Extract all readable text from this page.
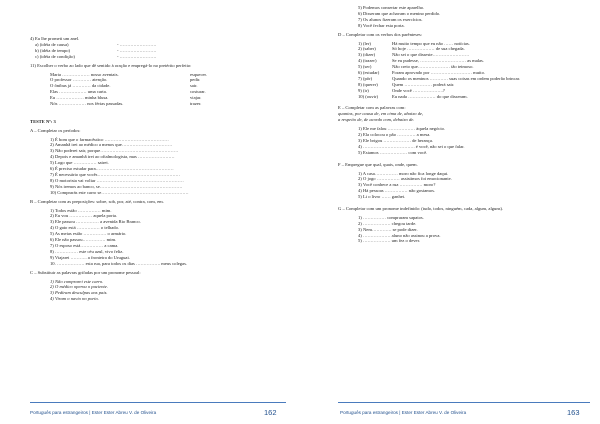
4) Eu lhe prometi um anel.
a) (idéia de causa)	- ……………………
b) (idéia de tempo)	- ……………………
c) (idéia de condição)	- ……………………
11) Escolher o verbo ao lado que dê sentido à oração e empregá-lo no pretérito perfeito:
Maria ……………… nosso aventais.	esquecer.
O professor ………… atenção.	pedir.
O ônibus já ………… da cidade.	sair.
Elas ……………… uma carta.	costurar.
Eu ……………… minha blusa.	viajar.
Nós ……………… nos férias passadas.	trazer.
TESTE Nº: 3
A – Completar os períodos:
1) É bom que o farmacêutico ……………………………………
2) Amanhã irei ao médico a menos que……………………………
3) Não poderei sair, porque……………………………………………
4) Depois e amanhã irei ao oftalmologista, mas ……………………
5) Logo que …………… sairei.
6) É preciso estudar para……………………………………………
7) É necessário que vocês………………………………………………
8) O motorista vai voltar …………………………………………………
9) Nós iremos ao banco, se………………………………………………
10) Comprarás este carro se…………………………………………………
B – Completar com as preposições: sobre, sob, por, até, contra, com, em.
1) Todos estão …………… mim.
2) Eu vou …………… aquela porta.
3) Ele passou …………… a avenida Rio Branco.
4) O gato está …………… o telhado.
5) As meias estão …………… o armário.
6) Ele não passou…………… mim.
7) O esposo está…………… a cama.
8) …………… este céu azul, vivo feliz.
9) Viajarei ……….. a fronteira do Uruguai.
10. ……………… esta rua, para todos os dias ……………. meus colegas.
C – Substituir as palavras grifadas por um pronome pessoal:
1) Não comprarei este carro.
2) O médico operou o paciente.
3) Pediram desculpas aos pais.
4) Viram o navio no porto.
Português para estrangeiros | Ester Ester Abreu V. de Oliveira	162
5) Podemos consertar este aparelho.
6) Disseram que achavam o menino perdido.
7) Os alunos fizeram os exercícios.
8) Você fechar esta porta.
D – Completar com os verbos dos parênteses:
1) (ler)	Há muito tempo que eu não …… notícias.
2) (saber)	Só hoje ……………… de sua chegada.
3) (dizer)	Não sei o que disseste……………………
4) (trazer)	Se eu pudesse, ………………………… as malas.
5) (ser)	Não creio que………………… tão teimoso.
6) (estudar)	Foram aprovado por ……………………… muito.
7) (pôr)	Quando os meninos ………… suas coisas em ordem poderão brincar.
8) (querer)	Quem ……………… poderá sair.
9) (ir)	Onde você ………………..?
10) (ouvir)	Eu nada ……………… do que disseram.
E – Completar com as palavras com:
quantos, por causa de, em cima de, abaixo de,
a respeito de, de acordo com, debaixo de.
1) Ele me falou ……………… àquela negócio.
2) Ela colocou o pão ………… a mesa.
3) Ele brigou ……………… de herança.
4) ……………………………. é você, não sei o que falar.
5) Estamos ……………… com você.
F – Empregue que qual, quais, onde, quem.
1) A casa…………… moro não fica longe daqui.
2) O jogo …………… assistimos foi emocionante.
3) Você conhece a rua …………… moro?
4) Há pessoas …………… não gostamos.
5) Li o livro …… ganhei.
G – Completar com um pronome indefinido: (tudo, todos, ninguém, cada, algum, alguns).
1) …………… compraram sapatos.
2) ……………… chegou tarde.
3) Nem…………. se pode dizer.
4) ……………… aluno não assinou a prova.
5) ……………… um fez o dever.
Português para estrangeiros | Ester Ester Abreu V. de Oliveira	163
